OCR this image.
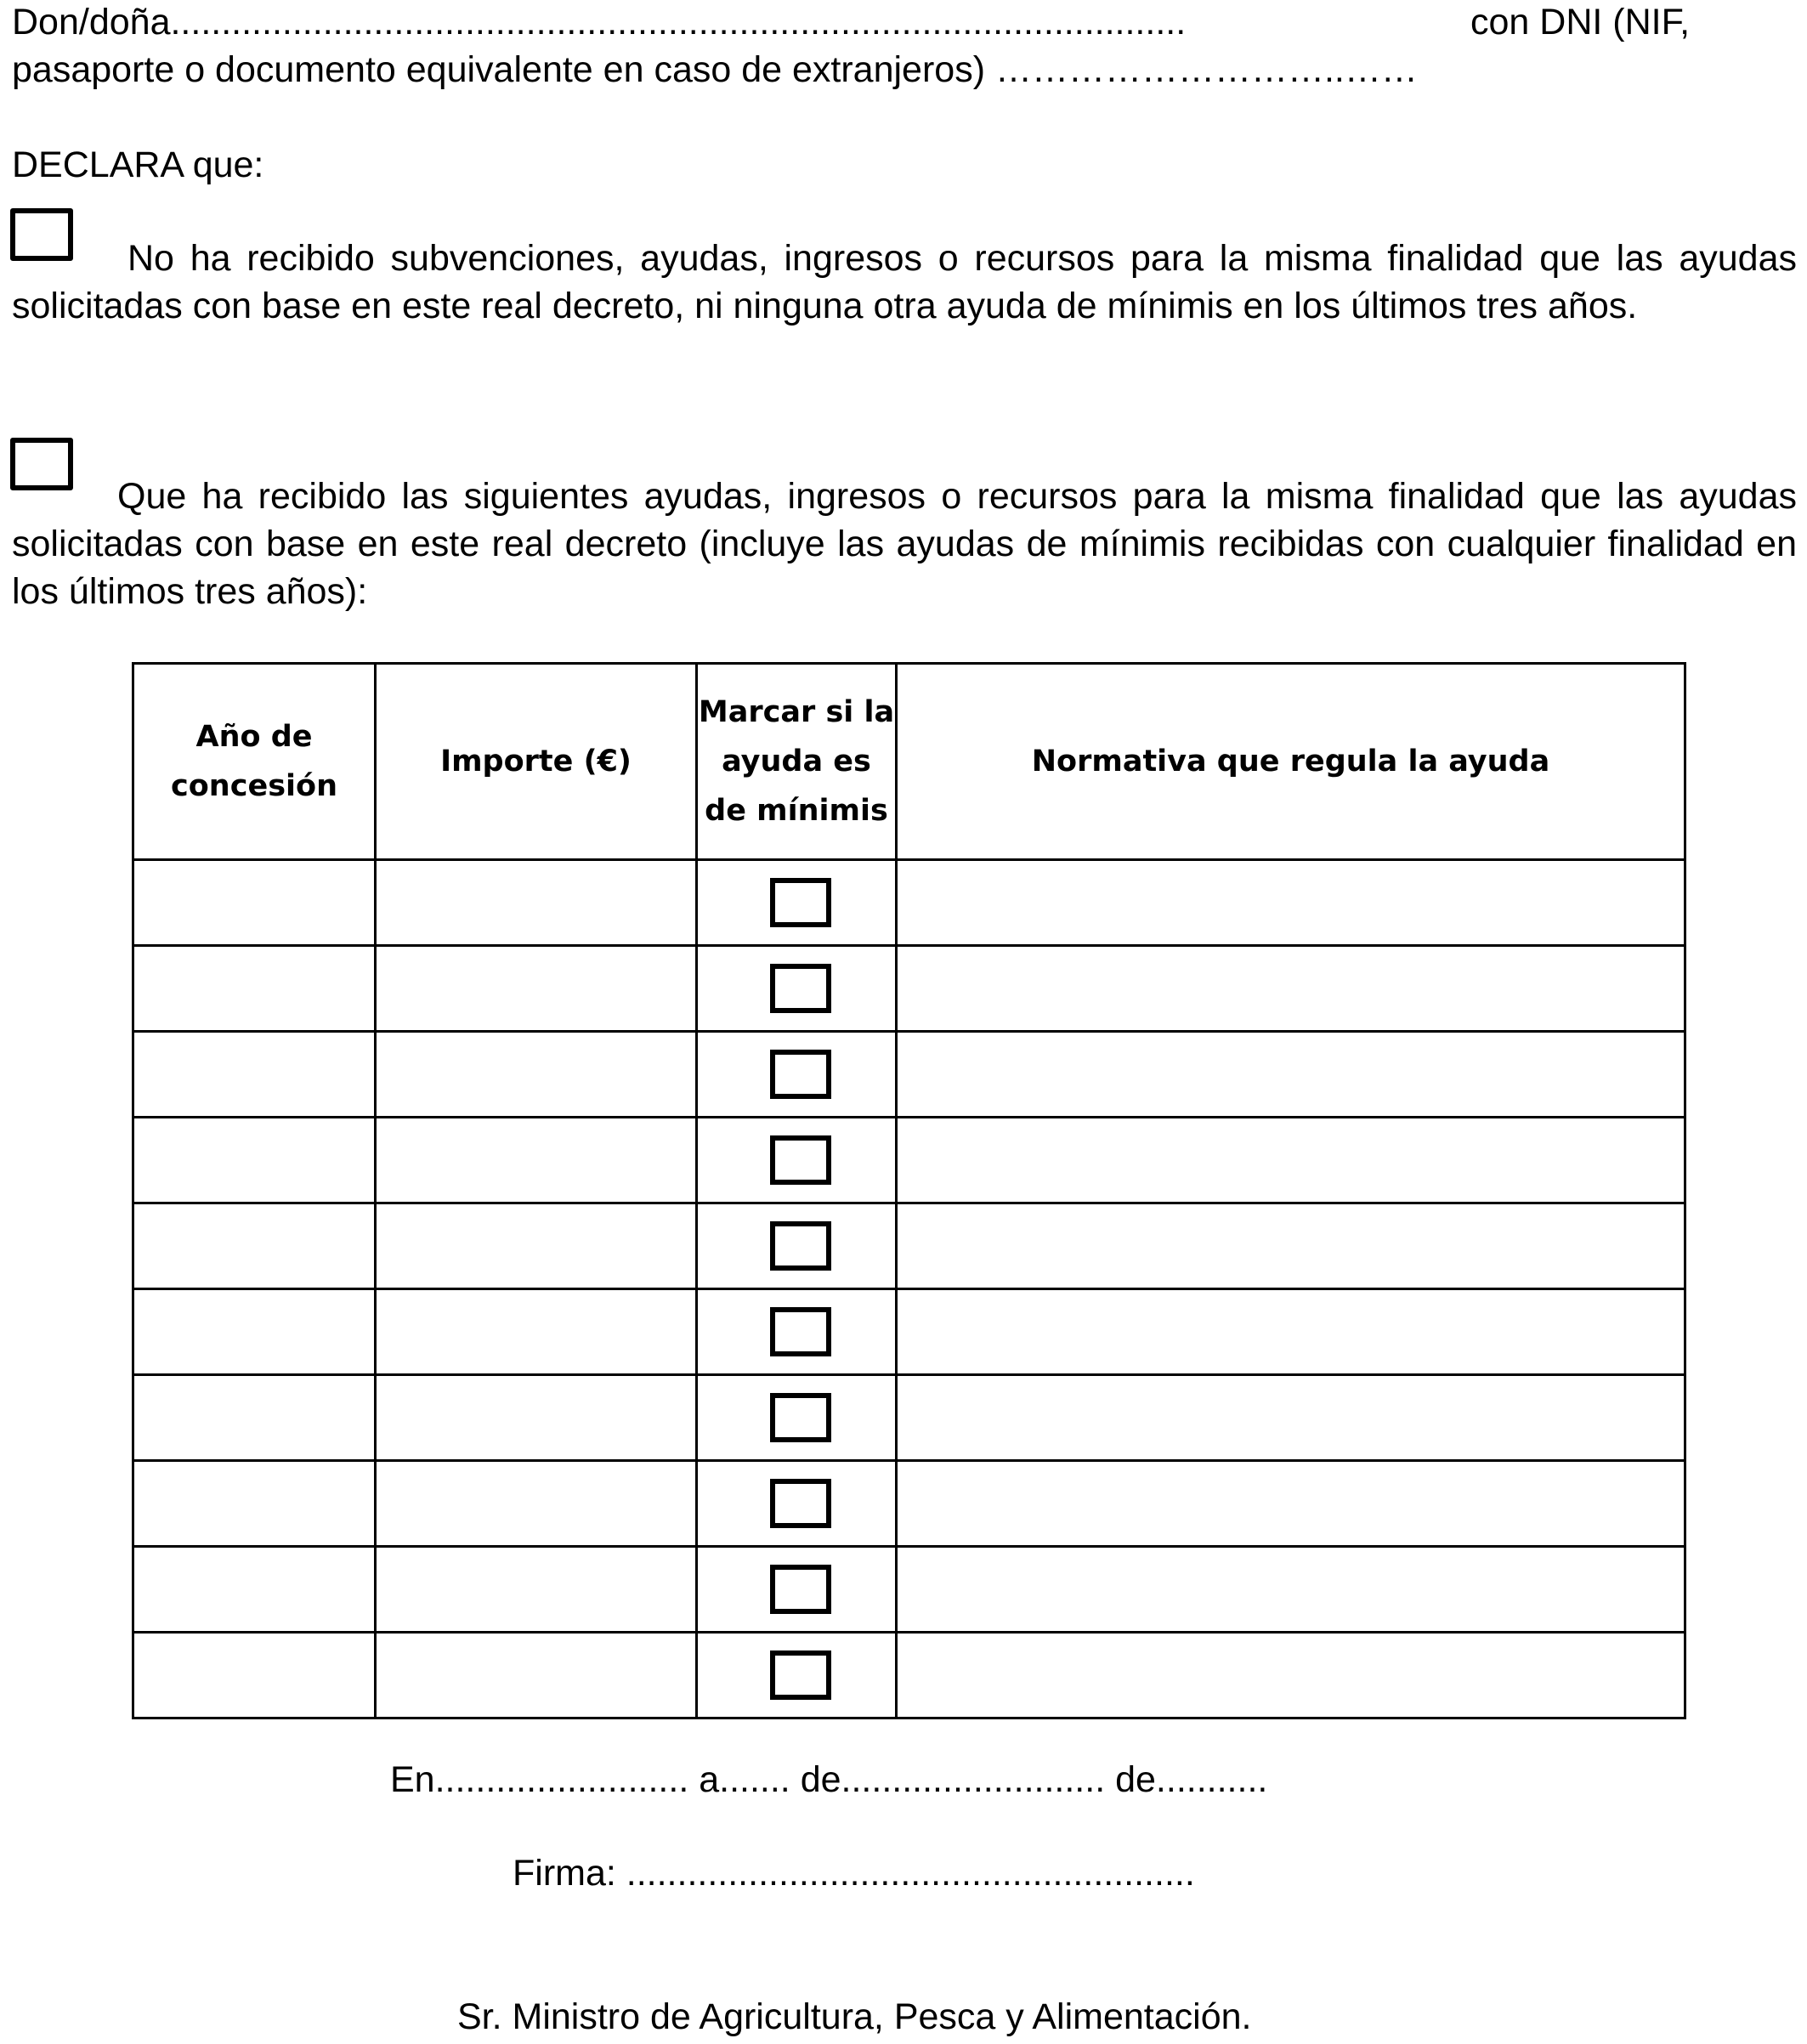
Don/doña....................................................................................................	con DNI (NIF,
pasaporte o documento equivalente en caso de extranjeros) ………………………..……
DECLARA que:
No ha recibido subvenciones, ayudas, ingresos o recursos para la misma finalidad que las ayudas solicitadas con base en este real decreto, ni ninguna otra ayuda de mínimis en los últimos tres años.
Que ha recibido las siguientes ayudas, ingresos o recursos para la misma finalidad que las ayudas solicitadas con base en este real decreto (incluye las ayudas de mínimis recibidas con cualquier finalidad en los últimos tres años):
Año de concesión	Importe (€)	Marcar si la ayuda es de mínimis	Normativa que regula la ayuda

En......................... a....... de.......................... de...........
Firma: ........................................................
Sr. Ministro de Agricultura, Pesca y Alimentación.
